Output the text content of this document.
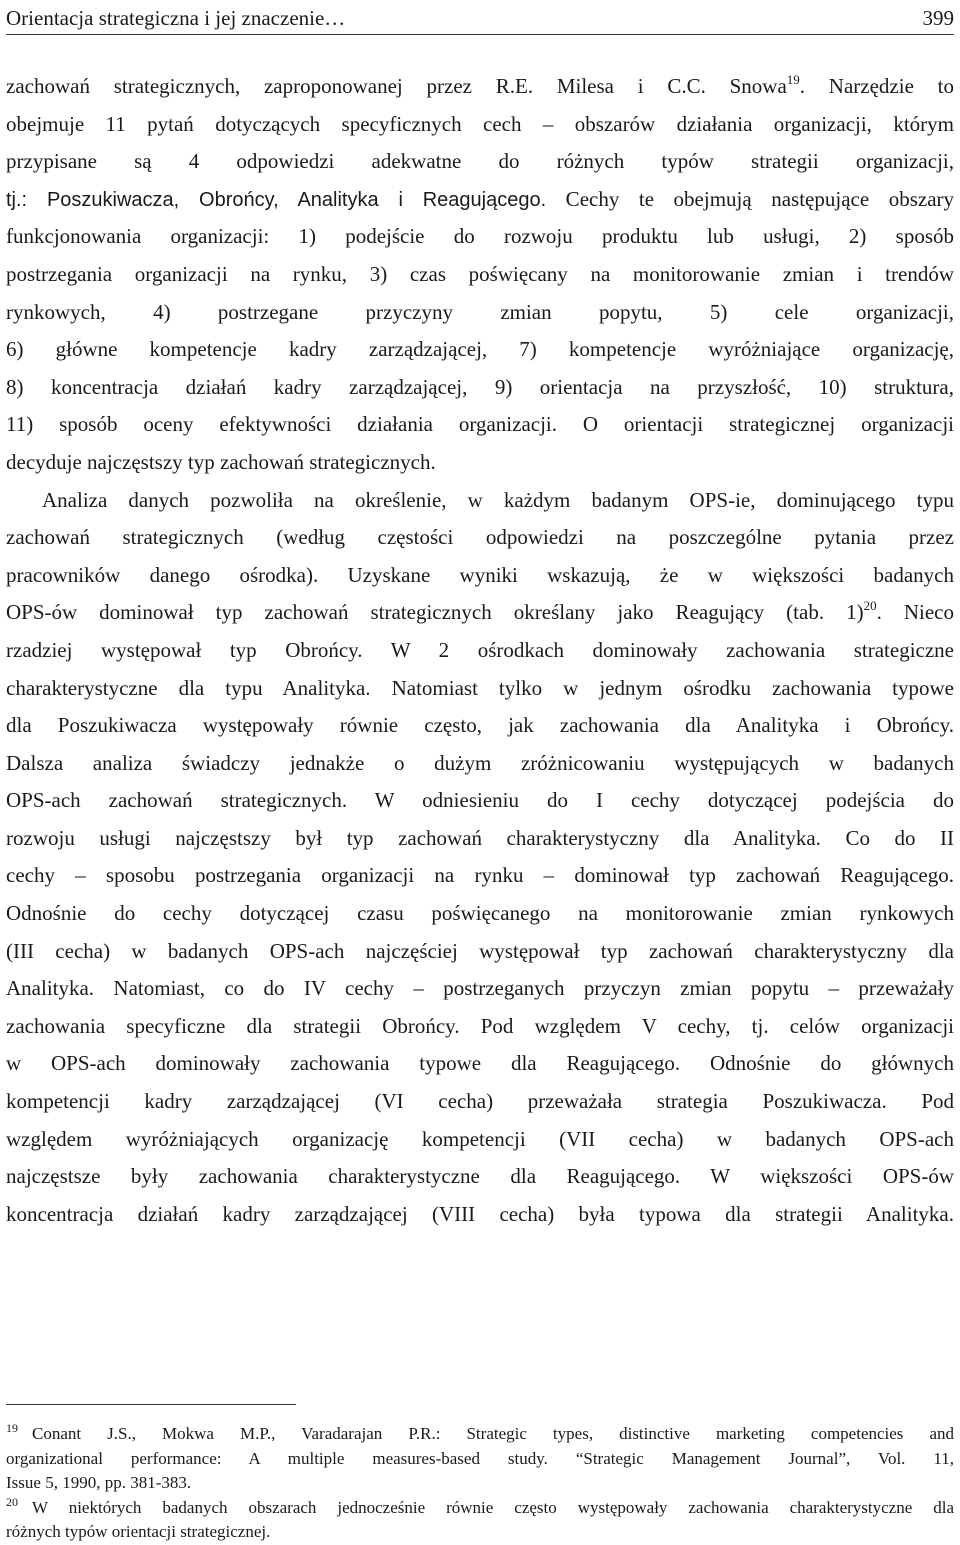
Orientacja strategiczna i jej znaczenie…	399
zachowań strategicznych, zaproponowanej przez R.E. Milesa i C.C. Snowa$^{19}$. Narzędzie to
obejmuje 11 pytań dotyczących specyficznych cech – obszarów działania organizacji, którym
przypisane są 4 odpowiedzi adekwatne do różnych typów strategii organizacji,
tj.: Poszukiwacza, Obrońcy, Analityka i Reagującego. Cechy te obejmują następujące obszary
funkcjonowania organizacji: 1) podejście do rozwoju produktu lub usługi, 2) sposób
postrzegania organizacji na rynku, 3) czas poświęcany na monitorowanie zmian i trendów
rynkowych, 4) postrzegane przyczyny zmian popytu, 5) cele organizacji,
6) główne kompetencje kadry zarządzającej, 7) kompetencje wyróżniające organizację,
8) koncentracja działań kadry zarządzającej, 9) orientacja na przyszłość, 10) struktura,
11) sposób oceny efektywności działania organizacji. O orientacji strategicznej organizacji
decyduje najczęstszy typ zachowań strategicznych.
Analiza danych pozwoliła na określenie, w każdym badanym OPS-ie, dominującego typu
zachowań strategicznych (według częstości odpowiedzi na poszczególne pytania przez
pracowników danego ośrodka). Uzyskane wyniki wskazują, że w większości badanych
OPS-ów dominował typ zachowań strategicznych określany jako Reagujący (tab. 1)$^{20}$. Nieco
rzadziej występował typ Obrońcy. W 2 ośrodkach dominowały zachowania strategiczne
charakterystyczne dla typu Analityka. Natomiast tylko w jednym ośrodku zachowania typowe
dla Poszukiwacza występowały równie często, jak zachowania dla Analityka i Obrońcy.
Dalsza analiza świadczy jednakże o dużym zróżnicowaniu występujących w badanych
OPS-ach zachowań strategicznych. W odniesieniu do I cechy dotyczącej podejścia do
rozwoju usługi najczęstszy był typ zachowań charakterystyczny dla Analityka. Co do II
cechy – sposobu postrzegania organizacji na rynku – dominował typ zachowań Reagującego.
Odnośnie do cechy dotyczącej czasu poświęcanego na monitorowanie zmian rynkowych
(III cecha) w badanych OPS-ach najczęściej występował typ zachowań charakterystyczny dla
Analityka. Natomiast, co do IV cechy – postrzeganych przyczyn zmian popytu – przeważały
zachowania specyficzne dla strategii Obrońcy. Pod względem V cechy, tj. celów organizacji
w OPS-ach dominowały zachowania typowe dla Reagującego. Odnośnie do głównych
kompetencji kadry zarządzającej (VI cecha) przeważała strategia Poszukiwacza. Pod
względem wyróżniających organizację kompetencji (VII cecha) w badanych OPS-ach
najczęstsze były zachowania charakterystyczne dla Reagującego. W większości OPS-ów
koncentracja działań kadry zarządzającej (VIII cecha) była typowa dla strategii Analityka.
$^{19}$ Conant J.S., Mokwa M.P., Varadarajan P.R.: Strategic types, distinctive marketing competencies and
organizational performance: A multiple measures-based study. “Strategic Management Journal”, Vol. 11,
Issue 5, 1990, pp. 381-383.
$^{20}$ W niektórych badanych obszarach jednocześnie równie często występowały zachowania charakterystyczne dla
różnych typów orientacji strategicznej.
